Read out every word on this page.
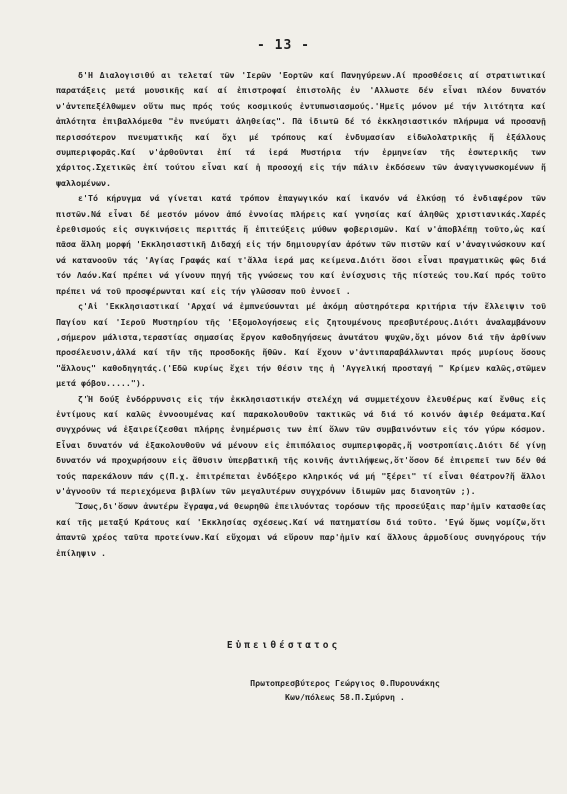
- 13 -

δ'Η Διαλογισιθύ αι τελεταί τῶν 'Ιερῶν 'Εορτῶν καί Πανηγύρεων.Αί προσθέσεις αί στρατιωτικαί παρατάξεις μετά μουσικῆς καί αί ἐπιστροφαί ἐπιστολῆς ἐν 'Αλλωστε δέν εἶναι πλέον δυνατόν ν'ἀντεπεξέλθωμεν οὕτω πως πρός τούς κοσμικούς ἐντυπωσιασμούς.'Ημεῖς μόνον μέ τήν λιτότητα καί ἁπλότητα ἐπιβαλλόμεθα "ἐν πνεύματι ἀληθείας". Πᾶ ἰδιωτῶ δέ τό ἐκκλησιαστικόν πλήρωμα νά προσανῇ περισσότερον πνευματικῆς καί ὄχι μέ τρόπους καί ἐνδυμασίαν εἰδωλολατρικῆς ἤ ἐξάλλους συμπεριφορᾶς.Καί ν'ἀρθοῦνται ἐπί τά ἱερά Μυστήρια τήν ἐρμηνείαν τῆς ἐσωτερικῆς των χάριτος.Σχετικῶς ἐπί τούτου εἶναι καί ἡ προσοχή εἰς τήν πάλιν ἐκδόσεων τῶν ἀναγιγνωσκομένων ἤ ψαλλομένων.

ε'Τό κήρυγμα νά γίνεται κατά τρόπον ἐπαγωγικόν καί ἱκανόν νά ἐλκύσῃ τό ἐνδιαφέρον τῶν πιστῶν.Νά εἶναι δέ μεστόν μόνον ἀπό ἐννοίας πλήρεις καί γνησίας καί ἀληθῶς χριστιανικάς.Χαρές ἐρεθισμούς εἰς συγκινήσεις περιττάς ἤ ἐπιτεύξεις μύθων φοβερισμῶν. Καί ν'ἀποβλέπῃ τοῦτο,ὡς καί πᾶσα ἄλλη μορφή 'Εκκλησιαστικῆ Διδαχή εἰς τήν δημιουργίαν ἀρότων τῶν πιστῶν καί ν'ἀναγινώσκουν καί νά κατανοοῦν τάς 'Αγίας Γραφάς καί τ'ἄλλα ἱερά μας κείμενα.Διότι ὅσοι εἶναι πραγματικῶς φῶς διά τόν Λαόν.Καί πρέπει νά γίνουν πηγή τῆς γνώσεως του καί ἐνίσχυσις τῆς πίστεώς του.Καί πρός τοῦτο πρέπει νά τοῦ προσφέρωνται καί εἰς τήν γλῶσσαν ποῦ ἐννοεῖ .

ς'Αἱ 'Εκκλησιαστικαί 'Αρχαί νά ἐμπνεύσωνται μέ ἀκόμη αὐστηρότερα κριτήρια τήν ἔλλειψιν τοῦ Παγίου καί 'Ιεροῦ Μυστηρίου τῆς 'Εξομολογήσεως εἰς ζητουμένους πρεσβυτέρους.Διότι ἀναλαμβάνουν ,σήμερον μάλιστα,τεραστίας σημασίας ἔργον καθοδηγήσεως ἀνωτάτου ψυχῶν,ὄχι μόνον διά τῆν ἀρθίνων προσέλευσιν,ἀλλά καί τῆν τῆς προσδοκῆς ἤθῶν. Καί ἔχουν ν'ἀντιπαραβάλλωνται πρός μυρίους ὅσους "ἄλλους" καθοδηγητάς.('Εδῶ κυρίως ἔχει τήν θέσιν της ἡ 'Αγγελική προσταγή " Κρίμεν καλῶς,στῶμεν μετά φόβου.....").

ζ'Ἡ δούξ ἐνδόρρυνσις εἰς τήν ἐκκλησιαστικήν στελέχη νά συμμετέχουν ἐλευθέρως καί ἔνθως εἰς ἐντίμους καί καλῶς ἐννοουμένας καί παρακολουθοῦν τακτικῶς νά διά τό κοινόν ἀφιέρ θεάματα.Καί συγχρόνως νά ἐξαιρείζεσθαι πλήρης ἐνημέρωσις των ἐπί ὅλων τῶν συμβαινόντων εἰς τόν γύρω κόσμον. Εἶναι δυνατόν νά ἐξακολουθοῦν νά μένουν εἰς ἐπιπόλαιος συμπεριφορᾶς,ἤ νοστροπίαις.Διότι δέ γίνῃ δυνατόν νά προχωρήσουν εἰς ἄθυσιν ὑπερβατικῆ τῆς κοινῆς ἀντιλήψεως,ὅτ'ὅσον δέ ἐπιρεπεῖ των δέν θά τούς παρεκάλουν πάν ς(Π.χ. ἐπιτρέπεται ἐνδόξερο κληρικός νά μή "ξέρει" τί εἶναι θέατρον?ἤ ἄλλοι ν'ἀγνοοῦν τά περιεχόμενα βιβλίων τῶν μεγαλυτέρων συγχρόνων ἰδιωμῶν μας διανοητῶν ;).

Ἴσως,δι'ὅσων ἀνωτέρω ἔγραψα,νά θεωρηθῶ ἐπειλυόντας τορόσων τῆς προσεύξαις παρ'ἡμῖν κατασθείας καί τῆς μεταξύ Κράτους καί 'Εκκλησίας σχέσεως.Καί νά πατηματίσω διά τοῦτο. 'Εγώ ὅμως νομίζω,ὅτι ἀπαντῶ χρέος ταῦτα προτείνων.Καί εὔχομαι νά εὕρουν παρ'ἡμῖν καί ἄλλους ἁρμοδίους συνηγόρους τήν ἐπίληψιν .

Εὐπειθέστατος
Πρωτοπρεσβύτερος Γεώργιος Θ.Πυρουνάκης
Κων/πόλεως 58.Π.Σμύρνη .
